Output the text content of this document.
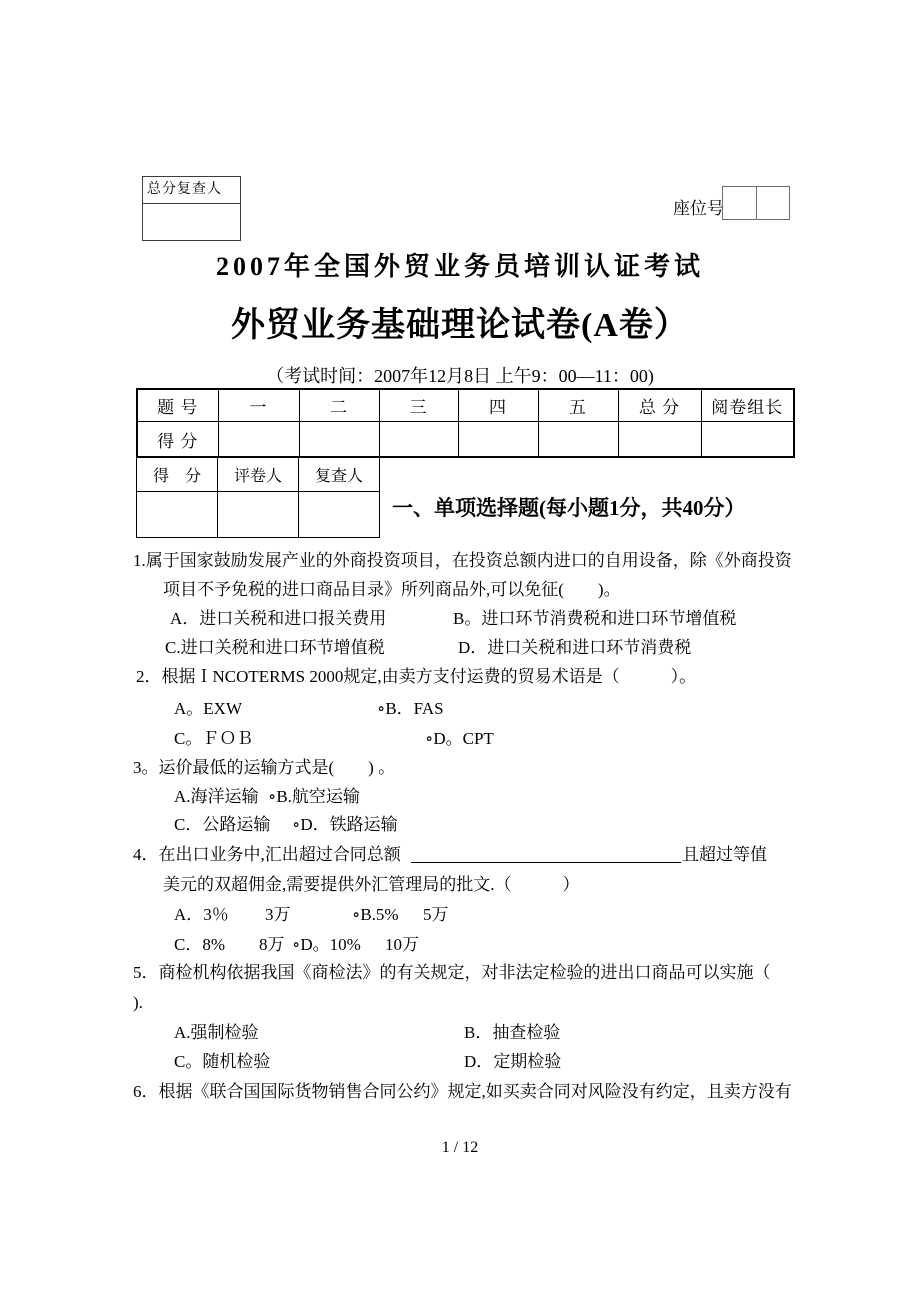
总分复查人
座位号
2007年全国外贸业务员培训认证考试
外贸业务基础理论试卷(A卷）
（考试时间：2007年12月8日 上午9：00—11：00)
题 号	一	二	三	四	五	总 分	阅卷组长
得 分							
得　分	评卷人	复查人

一、单项选择题(每小题1分，共40分）
1.属于国家鼓励发展产业的外商投资项目，在投资总额内进口的自用设备，除《外商投资
项目不予免税的进口商品目录》所列商品外,可以免征(　　)。
A．进口关税和进口报关费用	B。进口环节消费税和进口环节增值税
C.进口关税和进口环节增值税	D．进口关税和进口环节消费税
2．根据ＩNCOTERMS 2000规定,由卖方支付运费的贸易术语是（　　　）。
A。EXW	∘B．FAS
C。ＦＯＢ	∘D。CPT
3。运价最低的运输方式是(　　) 。
A.海洋运输 ∘B.航空运输
C．公路运输 ∘D．铁路运输
4．在出口业务中,汇出超过合同总额	且超过等值
美元的双超佣金,需要提供外汇管理局的批文.（　　　）
A．3％ 3万	∘B.5% 5万
C．8% 8万 ∘D。10% 10万
5．商检机构依据我国《商检法》的有关规定，对非法定检验的进出口商品可以实施（
).
A.强制检验	B．抽查检验
C。随机检验	D．定期检验
6．根据《联合国国际货物销售合同公约》规定,如买卖合同对风险没有约定，且卖方没有
1 / 12
